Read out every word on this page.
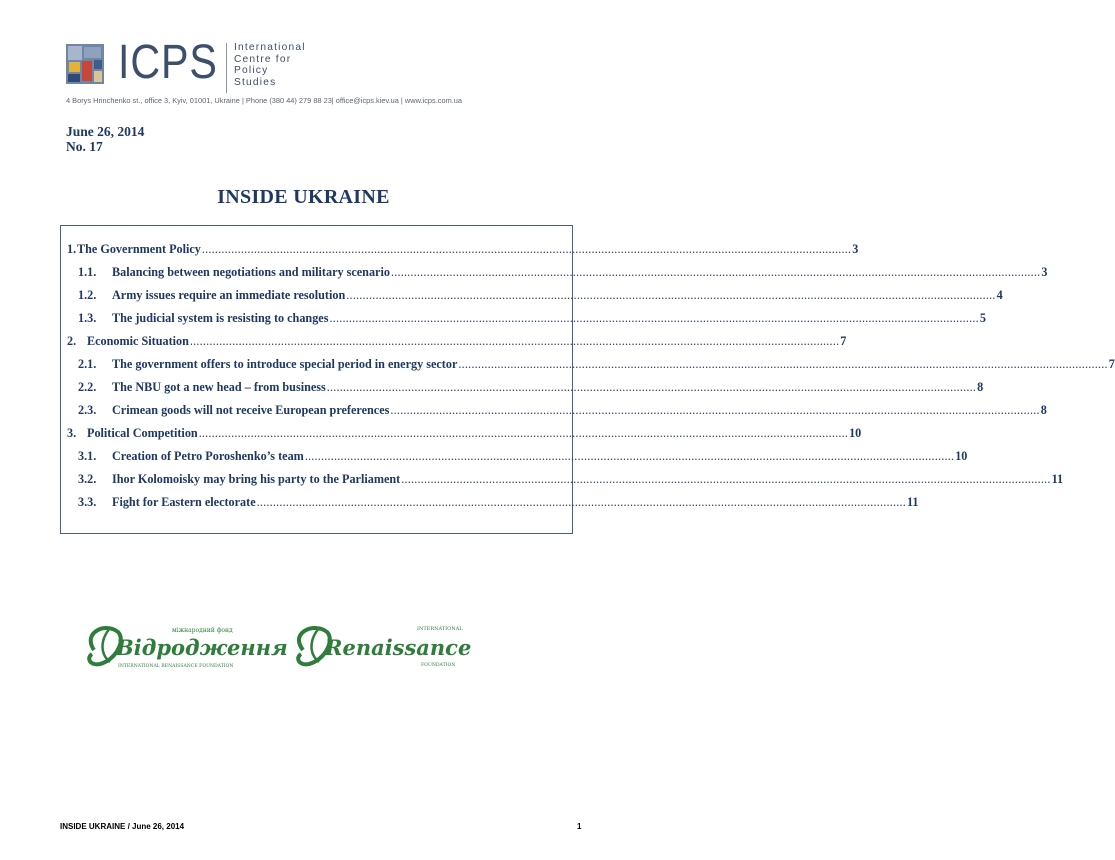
ICPS International
Centre for
Policy
Studies
4 Borys Hrinchenko st., office 3, Kyiv, 01001, Ukraine | Phone (380 44) 279 88 23| office@icps.kiev.ua | www.icps.com.ua
June 26, 2014
No. 17
INSIDE UKRAINE
1. The Government Policy ........................................................................................................................................................................................................ 3
1.1. Balancing between negotiations and military scenario ........................................................................................................................................................................................................ 3
1.2. Army issues require an immediate resolution ........................................................................................................................................................................................................ 4
1.3. The judicial system is resisting to changes ........................................................................................................................................................................................................ 5
2. Economic Situation ........................................................................................................................................................................................................ 7
2.1. The government offers to introduce special period in energy sector ........................................................................................................................................................................................................ 7
2.2. The NBU got a new head – from business ........................................................................................................................................................................................................ 8
2.3. Crimean goods will not receive European preferences ........................................................................................................................................................................................................ 8
3. Political Competition ........................................................................................................................................................................................................ 10
3.1. Creation of Petro Poroshenko’s team ........................................................................................................................................................................................................ 10
3.2. Ihor Kolomoisky may bring his party to the Parliament ........................................................................................................................................................................................................ 11
3.3. Fight for Eastern electorate ........................................................................................................................................................................................................ 11
Відродження
міжнародний фонд
INTERNATIONAL RENAISSANCE FOUNDATION
Renaissance
INTERNATIONAL
FOUNDATION
INSIDE UKRAINE / June 26, 2014	1
